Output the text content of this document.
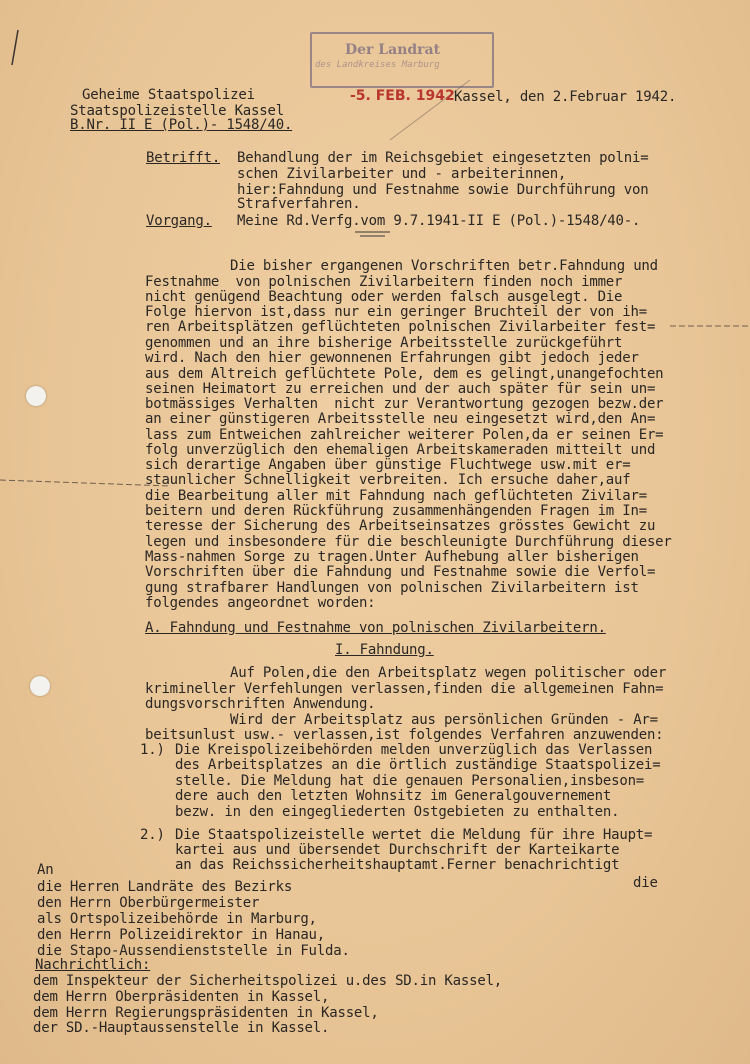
Der Landrat
des Landkreises Marburg
-5. FEB. 1942
Geheime Staatspolizei	Kassel, den 2.Februar 1942.
Staatspolizeistelle Kassel
B.Nr. II E (Pol.)- 1548/40.
Betrifft. Behandlung der im Reichsgebiet eingesetzten polni=
schen Zivilarbeiter und - arbeiterinnen,
hier:Fahndung und Festnahme sowie Durchführung von
Strafverfahren.
Vorgang. Meine Rd.Verfg.vom 9.7.1941-II E (Pol.)-1548/40-.
Die bisher ergangenen Vorschriften betr.Fahndung und
Festnahme  von polnischen Zivilarbeitern finden noch immer
nicht genügend Beachtung oder werden falsch ausgelegt. Die
Folge hiervon ist,dass nur ein geringer Bruchteil der von ih=
ren Arbeitsplätzen geflüchteten polnischen Zivilarbeiter fest=
genommen und an ihre bisherige Arbeitsstelle zurückgeführt
wird. Nach den hier gewonnenen Erfahrungen gibt jedoch jeder
aus dem Altreich geflüchtete Pole, dem es gelingt,unangefochten
seinen Heimatort zu erreichen und der auch später für sein un=
botmässiges Verhalten  nicht zur Verantwortung gezogen bezw.der
an einer günstigeren Arbeitsstelle neu eingesetzt wird,den An=
lass zum Entweichen zahlreicher weiterer Polen,da er seinen Er=
folg unverzüglich den ehemaligen Arbeitskameraden mitteilt und
sich derartige Angaben über günstige Fluchtwege usw.mit er=
staunlicher Schnelligkeit verbreiten. Ich ersuche daher,auf
die Bearbeitung aller mit Fahndung nach geflüchteten Zivilar=
beitern und deren Rückführung zusammenhängenden Fragen im In=
teresse der Sicherung des Arbeitseinsatzes grösstes Gewicht zu
legen und insbesondere für die beschleunigte Durchführung dieser
Mass-nahmen Sorge zu tragen.Unter Aufhebung aller bisherigen
Vorschriften über die Fahndung und Festnahme sowie die Verfol=
gung strafbarer Handlungen von polnischen Zivilarbeitern ist
folgendes angeordnet worden:
A. Fahndung und Festnahme von polnischen Zivilarbeitern.
I. Fahndung.
Auf Polen,die den Arbeitsplatz wegen politischer oder
krimineller Verfehlungen verlassen,finden die allgemeinen Fahn=
dungsvorschriften Anwendung.
Wird der Arbeitsplatz aus persönlichen Gründen - Ar=
beitsunlust usw.- verlassen,ist folgendes Verfahren anzuwenden:
1.) Die Kreispolizeibehörden melden unverzüglich das Verlassen
des Arbeitsplatzes an die örtlich zuständige Staatspolizei=
stelle. Die Meldung hat die genauen Personalien,insbeson=
dere auch den letzten Wohnsitz im Generalgouvernement
bezw. in den eingegliederten Ostgebieten zu enthalten.
2.) Die Staatspolizeistelle wertet die Meldung für ihre Haupt=
kartei aus und übersendet Durchschrift der Karteikarte
an das Reichssicherheitshauptamt.Ferner benachrichtigt
die
An
die Herren Landräte des Bezirks
den Herrn Oberbürgermeister
als Ortspolizeibehörde in Marburg,
den Herrn Polizeidirektor in Hanau,
die Stapo-Aussendienststelle in Fulda.
Nachrichtlich:
dem Inspekteur der Sicherheitspolizei u.des SD.in Kassel,
dem Herrn Oberpräsidenten in Kassel,
dem Herrn Regierungspräsidenten in Kassel,
der SD.-Hauptaussenstelle in Kassel.
